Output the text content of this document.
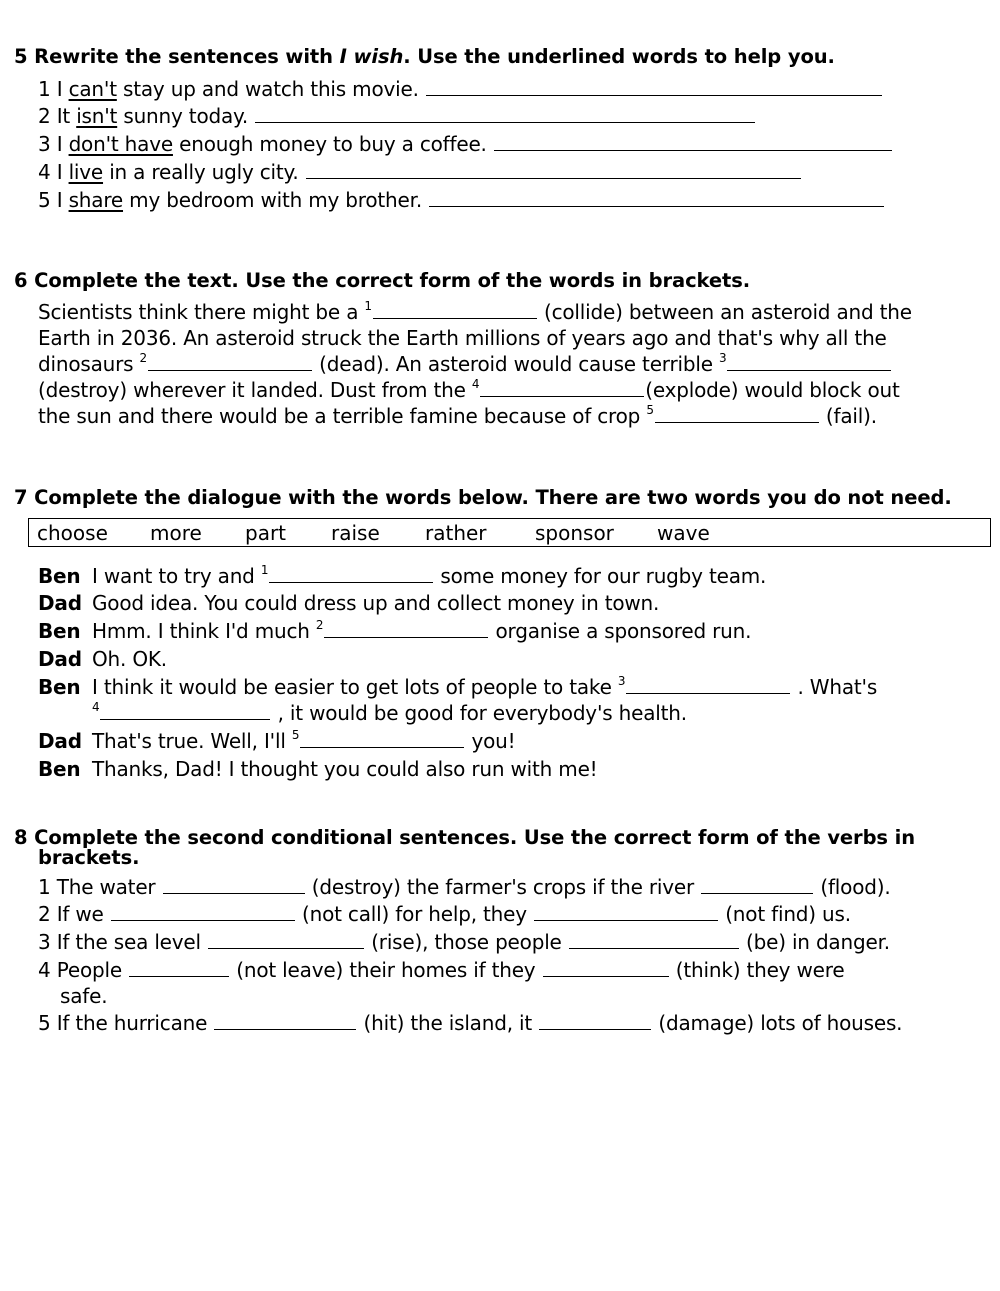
5 Rewrite the sentences with I wish. Use the underlined words to help you.
1 I can't stay up and watch this movie.
2 It isn't sunny today.
3 I don't have enough money to buy a coffee.
4 I live in a really ugly city.
5 I share my bedroom with my brother.
6 Complete the text. Use the correct form of the words in brackets.
Scientists think there might be a $^1$	(collide) between an asteroid and the
Earth in 2036. An asteroid struck the Earth millions of years ago and that's why all the
dinosaurs $^2$	(dead). An asteroid would cause terrible $^3$
(destroy) wherever it landed. Dust from the $^4$	(explode) would block out
the sun and there would be a terrible famine because of crop $^5$	(fail).
7 Complete the dialogue with the words below. There are two words you do not need.
choose more part raise rather sponsor wave
Ben I want to try and $^1$	some money for our rugby team.
Dad Good idea. You could dress up and collect money in town.
Ben Hmm. I think I'd much $^2$	organise a sponsored run.
Dad Oh. OK.
Ben I think it would be easier to get lots of people to take $^3$	. What's
$^4$	, it would be good for everybody's health.
Dad That's true. Well, I'll $^5$	you!
Ben Thanks, Dad! I thought you could also run with me!
8 Complete the second conditional sentences. Use the correct form of the verbs in
brackets.
1 The water	(destroy) the farmer's crops if the river	(flood).
2 If we	(not call) for help, they	(not find) us.
3 If the sea level	(rise), those people	(be) in danger.
4 People	(not leave) their homes if they	(think) they were
safe.
5 If the hurricane	(hit) the island, it	(damage) lots of houses.
